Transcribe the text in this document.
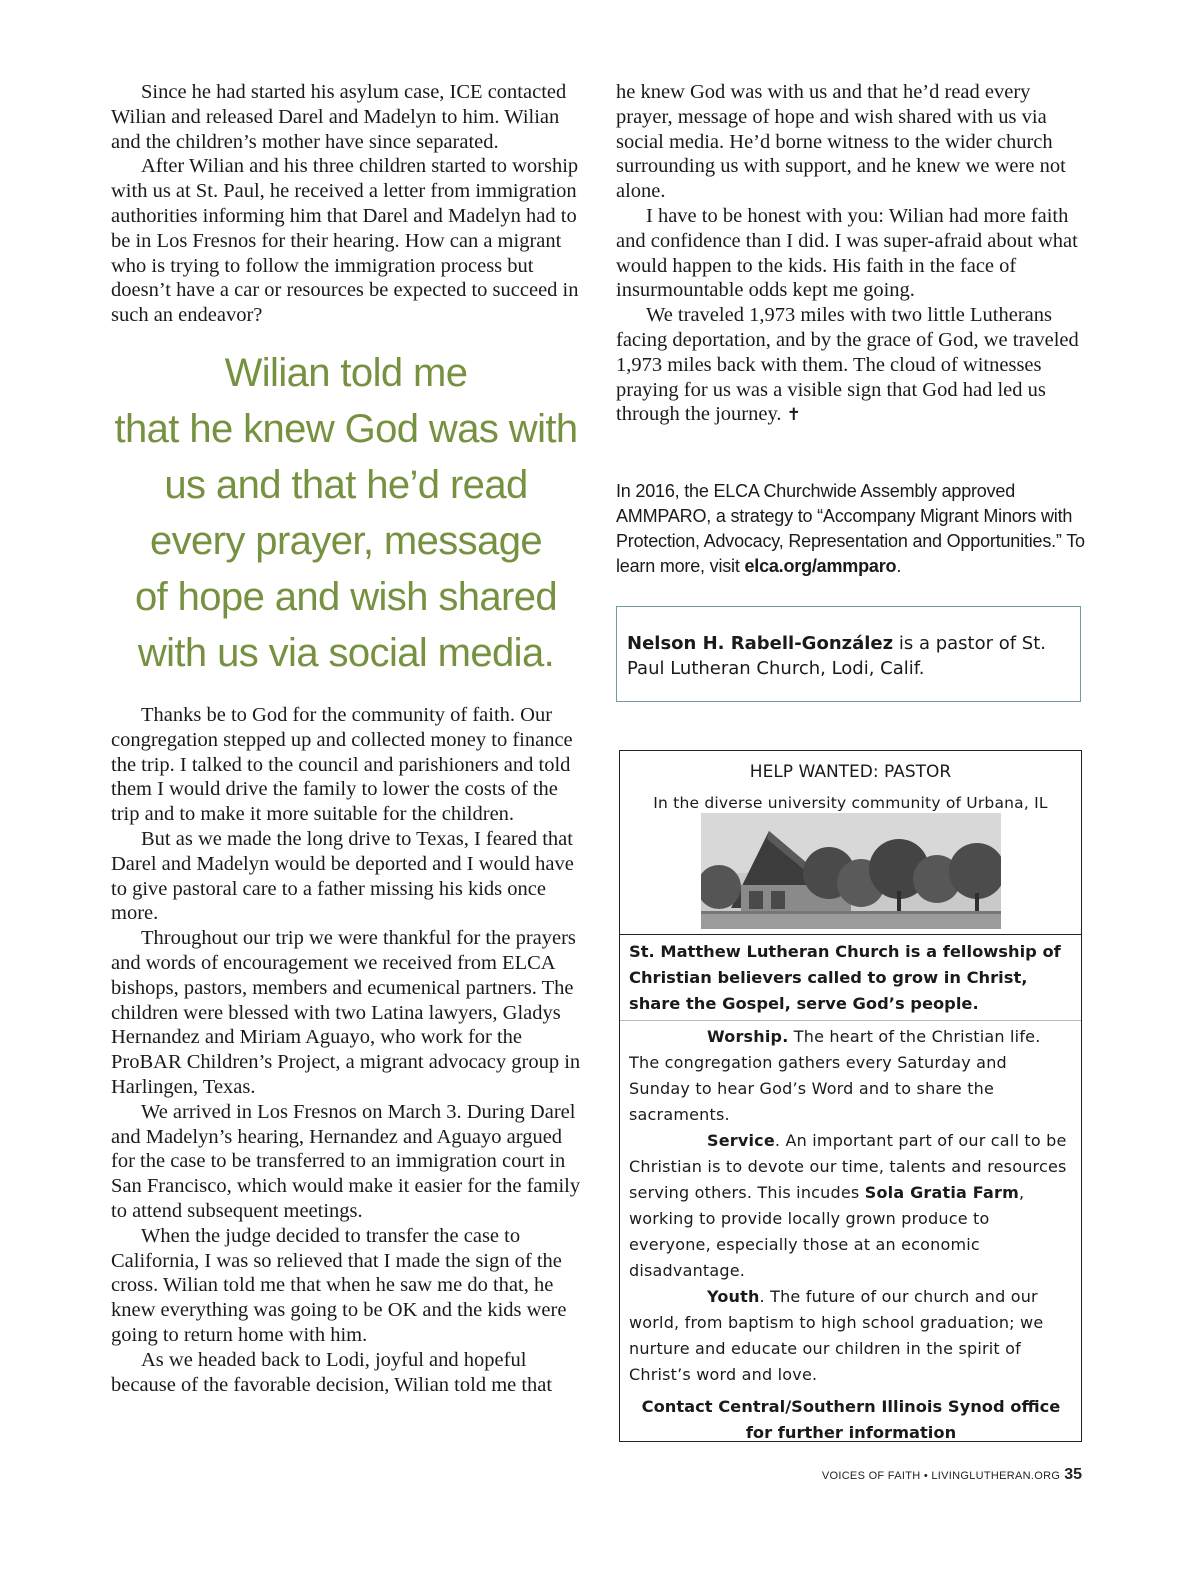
Since he had started his asylum case, ICE contacted Wilian and released Darel and Madelyn to him. Wilian and the children’s mother have since separated.

After Wilian and his three children started to worship with us at St. Paul, he received a letter from immigration authorities informing him that Darel and Madelyn had to be in Los Fresnos for their hearing. How can a migrant who is trying to follow the immigration process but doesn’t have a car or resources be expected to succeed in such an endeavor?

Wilian told me
that he knew God was with
us and that he’d read
every prayer, message
of hope and wish shared
with us via social media.

Thanks be to God for the community of faith. Our congregation stepped up and collected money to finance the trip. I talked to the council and parishioners and told them I would drive the family to lower the costs of the trip and to make it more suitable for the children.

But as we made the long drive to Texas, I feared that Darel and Madelyn would be deported and I would have to give pastoral care to a father missing his kids once more.

Throughout our trip we were thankful for the prayers and words of encouragement we received from ELCA bishops, pastors, members and ecumenical partners. The children were blessed with two Latina lawyers, Gladys Hernandez and Miriam Aguayo, who work for the ProBAR Children’s Project, a migrant advocacy group in Harlingen, Texas.

We arrived in Los Fresnos on March 3. During Darel and Madelyn’s hearing, Hernandez and Aguayo argued for the case to be transferred to an immigration court in San Francisco, which would make it easier for the family to attend subsequent meetings.

When the judge decided to transfer the case to California, I was so relieved that I made the sign of the cross. Wilian told me that when he saw me do that, he knew everything was going to be OK and the kids were going to return home with him.

As we headed back to Lodi, joyful and hopeful because of the favorable decision, Wilian told me that

he knew God was with us and that he’d read every prayer, message of hope and wish shared with us via social media. He’d borne witness to the wider church surrounding us with support, and he knew we were not alone.

I have to be honest with you: Wilian had more faith and confidence than I did. I was super-afraid about what would happen to the kids. His faith in the face of insurmountable odds kept me going.

We traveled 1,973 miles with two little Lutherans facing deportation, and by the grace of God, we traveled 1,973 miles back with them. The cloud of witnesses praying for us was a visible sign that God had led us through the journey. ✝

In 2016, the ELCA Churchwide Assembly approved AMMPARO, a strategy to “Accompany Migrant Minors with Protection, Advocacy, Representation and Opportunities.” To learn more, visit elca.org/ammparo.
Nelson H. Rabell-González is a pastor of St. Paul Lutheran Church, Lodi, Calif.
HELP WANTED: PASTOR
In the diverse university community of Urbana, IL

St. Matthew Lutheran Church is a fellowship of Christian believers called to grow in Christ, share the Gospel, serve God’s people.

Worship. The heart of the Christian life. The congregation gathers every Saturday and Sunday to hear God’s Word and to share the sacraments.

Service. An important part of our call to be Christian is to devote our time, talents and resources serving others. This incudes Sola Gratia Farm, working to provide locally grown produce to everyone, especially those at an economic disadvantage.

Youth. The future of our church and our world, from baptism to high school graduation; we nurture and educate our children in the spirit of Christ’s word and love.

Contact Central/Southern Illinois Synod office for further information

VOICES OF FAITH • LIVINGLUTHERAN.ORG 35
